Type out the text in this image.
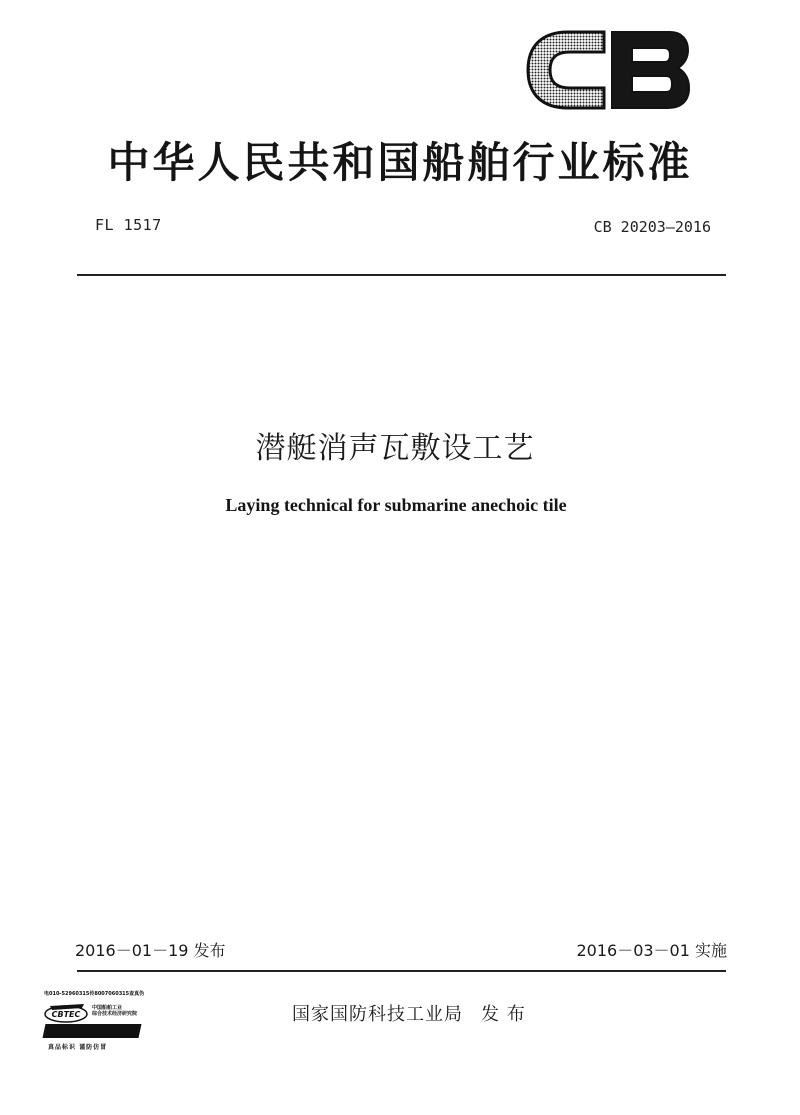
CB
中华人民共和国船舶行业标准
FL 1517	CB 20203—2016
潜艇消声瓦敷设工艺
Laying technical for submarine anechoic tile
2016－01－19 发布	2016－03－01 实施
电010-52960315传8007060315查真伪
CBTEC
中国船舶工业
综合技术经济研究院
真品标识 谨防仿冒
国家国防科技工业局 发 布
